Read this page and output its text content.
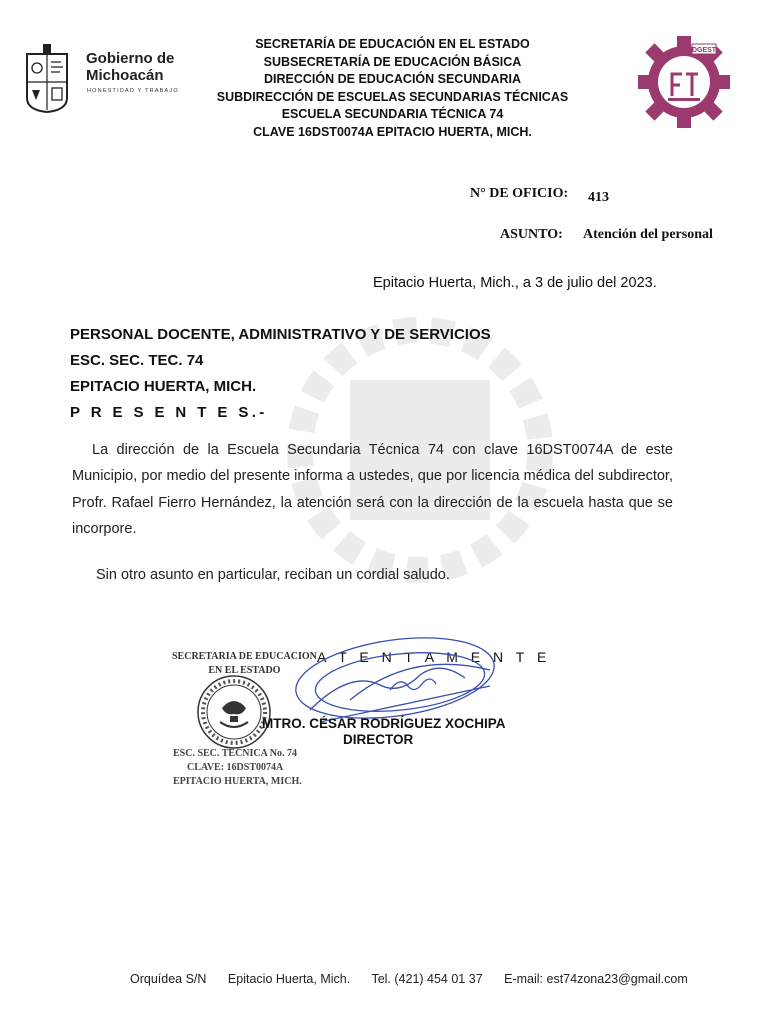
Gobierno de
Michoacán
HONESTIDAD Y TRABAJO
SECRETARÍA DE EDUCACIÓN EN EL ESTADO
SUBSECRETARÍA DE EDUCACIÓN BÁSICA
DIRECCIÓN DE EDUCACIÓN SECUNDARIA
SUBDIRECCIÓN DE ESCUELAS SECUNDARIAS TÉCNICAS
ESCUELA SECUNDARIA TÉCNICA 74
CLAVE 16DST0074A EPITACIO HUERTA, MICH.
DGEST
N° DE OFICIO: 413
ASUNTO: Atención del personal
Epitacio Huerta, Mich., a 3 de julio del 2023.
PERSONAL DOCENTE, ADMINISTRATIVO Y DE SERVICIOS
ESC. SEC. TEC. 74
EPITACIO HUERTA, MICH.
P R E S E N T E S.-
La dirección de la Escuela Secundaria Técnica 74 con clave 16DST0074A de este Municipio, por medio del presente informa a ustedes, que por licencia médica del subdirector, Profr. Rafael Fierro Hernández, la atención será con la dirección de la escuela hasta que se incorpore.
Sin otro asunto en particular, reciban un cordial saludo.
SECRETARIA DE EDUCACION
EN EL ESTADO
ESC. SEC. TECNICA No. 74
CLAVE: 16DST0074A
EPITACIO HUERTA, MICH.
A T E N T A M E N T E
MTRO. CÉSAR RODRÍGUEZ XOCHIPA
DIRECTOR
Orquídea S/N Epitacio Huerta, Mich. Tel. (421) 454 01 37 E-mail: est74zona23@gmail.com
